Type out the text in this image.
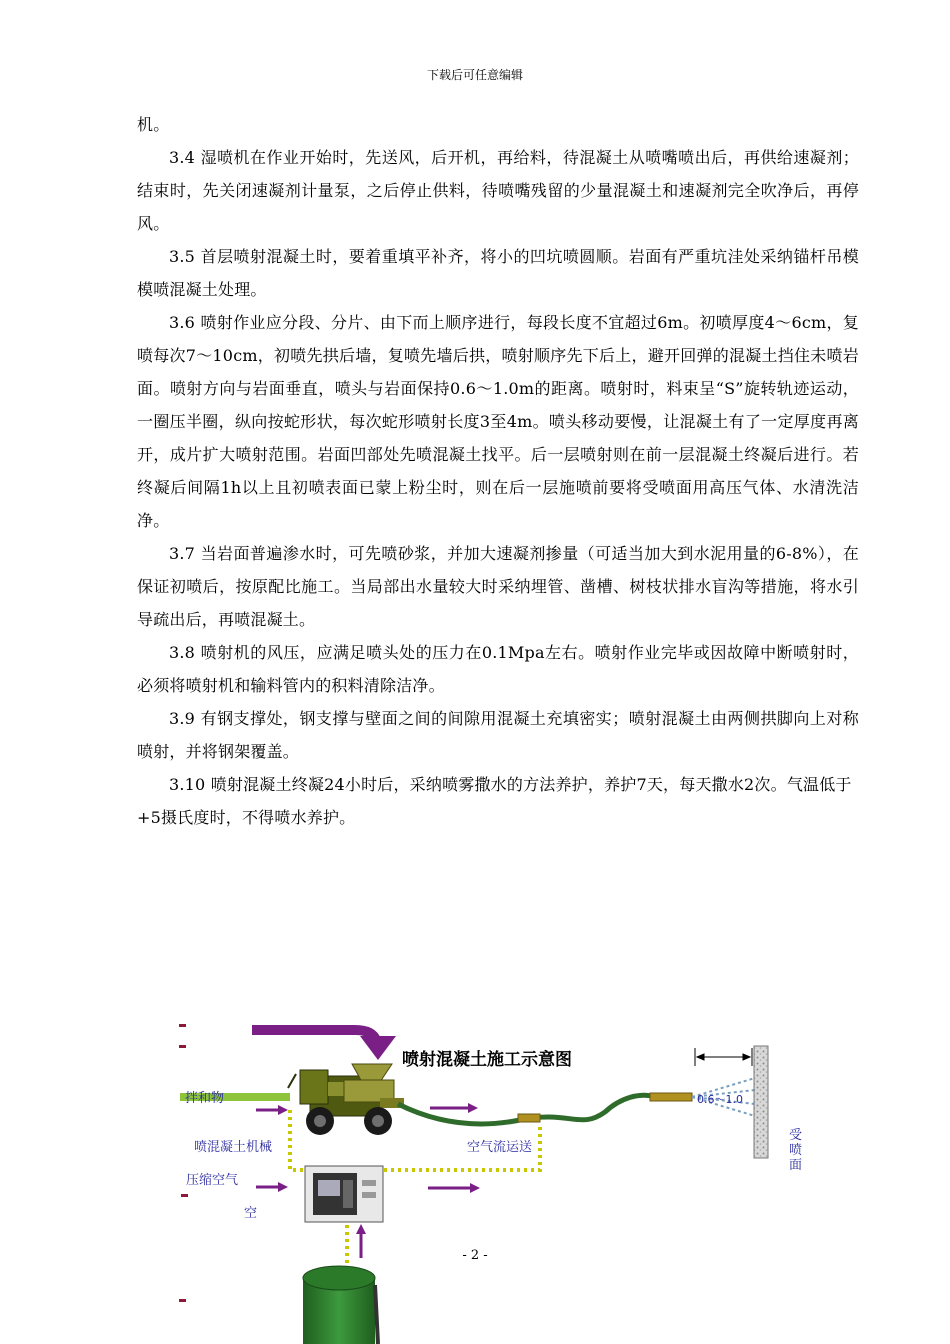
下载后可任意编辑

机。

3.4 湿喷机在作业开始时，先送风，后开机，再给料，待混凝土从喷嘴喷出后，再供给速凝剂；结束时，先关闭速凝剂计量泵，之后停止供料，待喷嘴残留的少量混凝土和速凝剂完全吹净后，再停风。

3.5 首层喷射混凝土时，要着重填平补齐，将小的凹坑喷圆顺。岩面有严重坑洼处采纳锚杆吊模模喷混凝土处理。

3.6 喷射作业应分段、分片、由下而上顺序进行，每段长度不宜超过6m。初喷厚度4～6cm，复喷每次7～10cm，初喷先拱后墙，复喷先墙后拱，喷射顺序先下后上，避开回弹的混凝土挡住未喷岩面。喷射方向与岩面垂直，喷头与岩面保持0.6～1.0m的距离。喷射时，料束呈“S”旋转轨迹运动，一圈压半圈，纵向按蛇形状，每次蛇形喷射长度3至4m。喷头移动要慢，让混凝土有了一定厚度再离开，成片扩大喷射范围。岩面凹部处先喷混凝土找平。后一层喷射则在前一层混凝土终凝后进行。若终凝后间隔1h以上且初喷表面已蒙上粉尘时，则在后一层施喷前要将受喷面用高压气体、水清洗洁净。

3.7 当岩面普遍渗水时，可先喷砂浆，并加大速凝剂掺量（可适当加大到水泥用量的6-8%），在保证初喷后，按原配比施工。当局部出水量较大时采纳埋管、凿槽、树枝状排水盲沟等措施，将水引导疏出后，再喷混凝土。

3.8 喷射机的风压，应满足喷头处的压力在0.1Mpa左右。喷射作业完毕或因故障中断喷射时，必须将喷射机和输料管内的积料清除洁净。

3.9 有钢支撑处，钢支撑与壁面之间的间隙用混凝土充填密实；喷射混凝土由两侧拱脚向上对称喷射，并将钢架覆盖。

3.10 喷射混凝土终凝24小时后，采纳喷雾撒水的方法养护，养护7天，每天撒水2次。气温低于+5摄氏度时，不得喷水养护。

喷射混凝土施工示意图
拌和物
喷混凝土机械
压缩空气
空
空气流运送
0.6～1.0
受喷面
- 2 -
